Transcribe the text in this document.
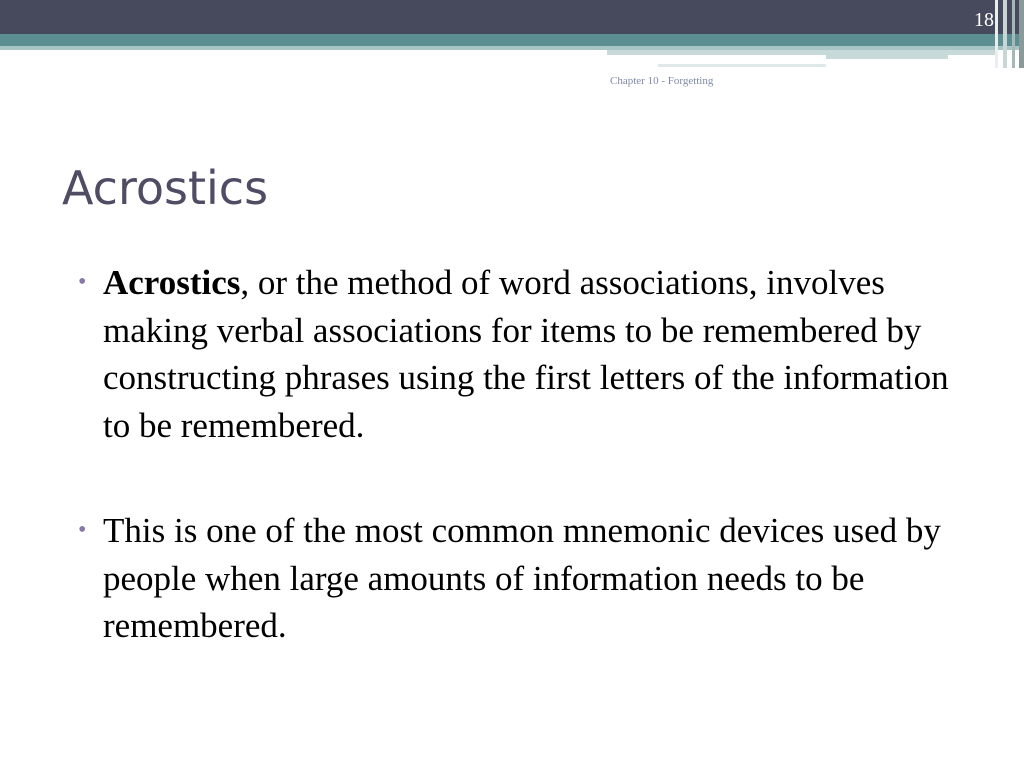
18
Chapter 10 - Forgetting
Acrostics
• Acrostics, or the method of word associations, involves making verbal associations for items to be remembered by constructing phrases using the first letters of the information to be remembered.
• This is one of the most common mnemonic devices used by people when large amounts of information needs to be remembered.
